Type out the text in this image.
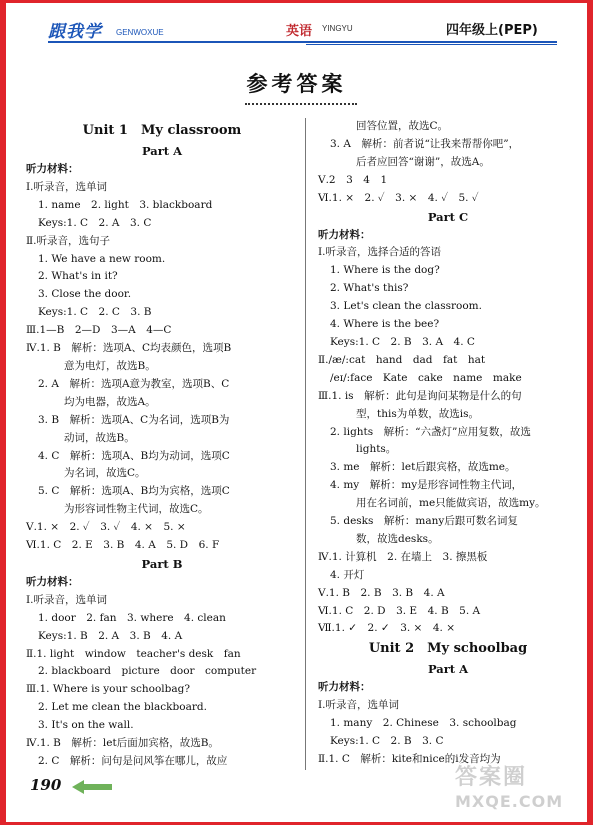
跟我学 GENWOXUE	英语 YINGYU	四年级上(PEP)
参考答案
Unit 1　My classroom
Part A
听力材料：
Ⅰ.听录音，选单词
1. name　2. light　3. blackboard
Keys:1. C　2. A　3. C
Ⅱ.听录音，选句子
1. We have a new room.
2. What's in it?
3. Close the door.
Keys:1. C　2. C　3. B
Ⅲ.1—B　2—D　3—A　4—C
Ⅳ.1. B　解析：选项A、C均表颜色，选项B
意为电灯，故选B。
2. A　解析：选项A意为教室，选项B、C
均为电器，故选A。
3. B　解析：选项A、C为名词，选项B为
动词，故选B。
4. C　解析：选项A、B均为动词，选项C
为名词，故选C。
5. C　解析：选项A、B均为宾格，选项C
为形容词性物主代词，故选C。
Ⅴ.1. ×　2. ✓　3. ✓　4. ×　5. ×
Ⅵ.1. C　2. E　3. B　4. A　5. D　6. F
Part B
听力材料：
Ⅰ.听录音，选单词
1. door　2. fan　3. where　4. clean
Keys:1. B　2. A　3. B　4. A
Ⅱ.1. light　window　teacher's desk　fan
2. blackboard　picture　door　computer
Ⅲ.1. Where is your schoolbag?
2. Let me clean the blackboard.
3. It's on the wall.
Ⅳ.1. B　解析：let后面加宾格，故选B。
2. C　解析：问句是问风筝在哪儿，故应
回答位置，故选C。
3. A　解析：前者说“让我来帮帮你吧”，
后者应回答“谢谢”，故选A。
Ⅴ.2　3　4　1
Ⅵ.1. ×　2. ✓　3. ×　4. ✓　5. ✓
Part C
听力材料：
Ⅰ.听录音，选择合适的答语
1. Where is the dog?
2. What's this?
3. Let's clean the classroom.
4. Where is the bee?
Keys:1. C　2. B　3. A　4. C
Ⅱ./æ/:cat　hand　dad　fat　hat
/eɪ/:face　Kate　cake　name　make
Ⅲ.1. is　解析：此句是询问某物是什么的句
型，this为单数，故选is。
2. lights　解析：“六盏灯”应用复数，故选
lights。
3. me　解析：let后跟宾格，故选me。
4. my　解析：my是形容词性物主代词，
用在名词前，me只能做宾语，故选my。
5. desks　解析：many后跟可数名词复
数，故选desks。
Ⅳ.1. 计算机　2. 在墙上　3. 擦黑板
4. 开灯
Ⅴ.1. B　2. B　3. B　4. A
Ⅵ.1. C　2. D　3. E　4. B　5. A
Ⅶ.1. ✓　2. ✓　3. ×　4. ×
Unit 2　My schoolbag
Part A
听力材料：
Ⅰ.听录音，选单词
1. many　2. Chinese　3. schoolbag
Keys:1. C　2. B　3. C
Ⅱ.1. C　解析：kite和nice的i发音均为
190	答案圈
MXQE.COM
